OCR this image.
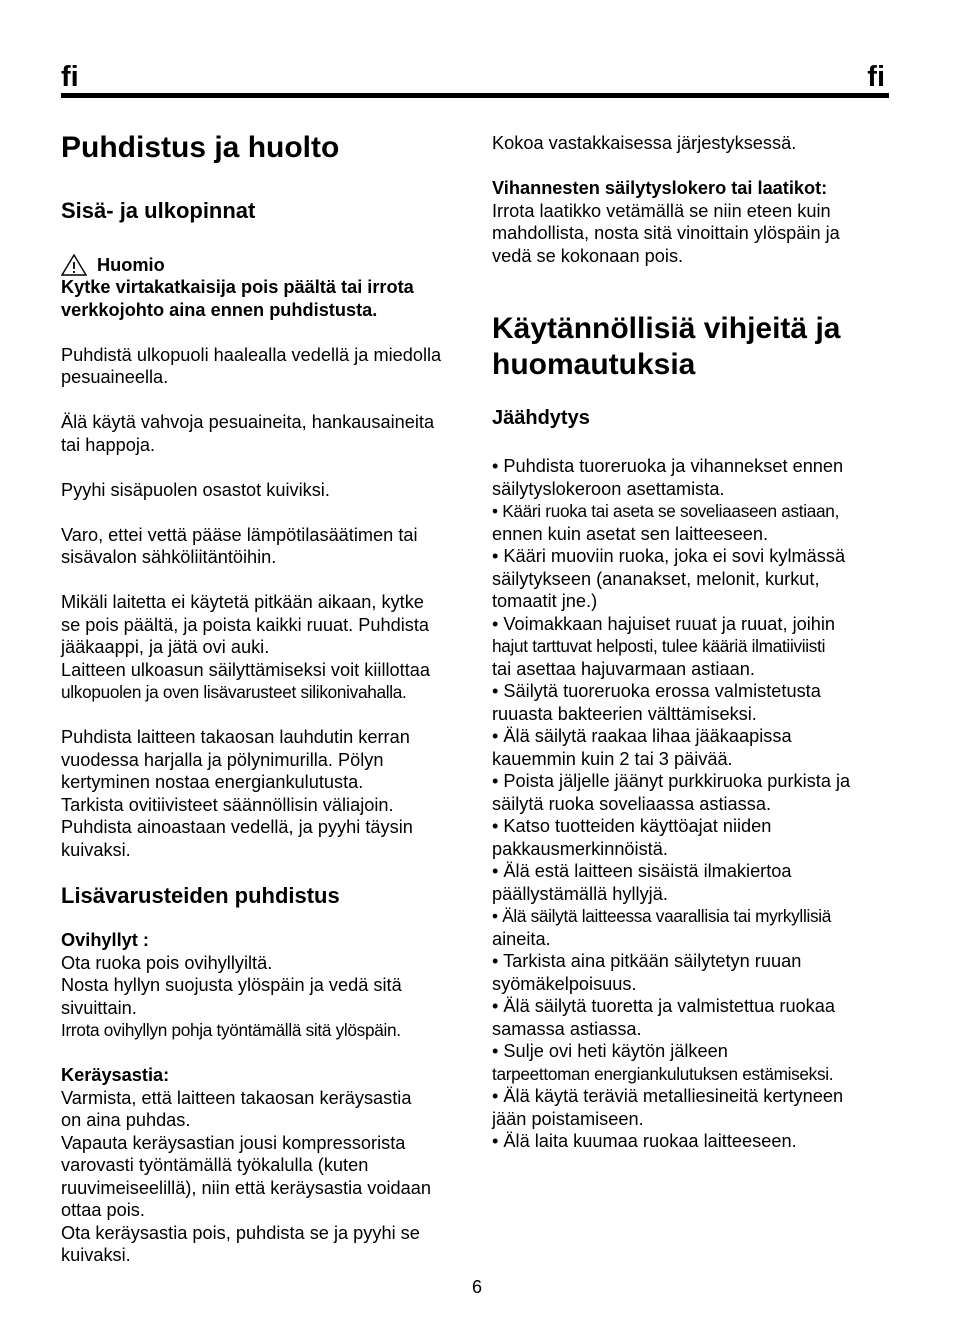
fi	fi
Puhdistus ja huolto
Sisä- ja ulkopinnat
Huomio
Kytke virtakatkaisija pois päältä tai irrota
verkkojohto aina ennen puhdistusta.
Puhdistä ulkopuoli haalealla vedellä ja miedolla
pesuaineella.
Älä käytä vahvoja pesuaineita, hankausaineita
tai happoja.
Pyyhi sisäpuolen osastot kuiviksi.
Varo, ettei vettä pääse lämpötilasäätimen tai
sisävalon sähköliitäntöihin.
Mikäli laitetta ei käytetä pitkään aikaan, kytke
se pois päältä, ja poista kaikki ruuat. Puhdista
jääkaappi, ja jätä ovi auki.
Laitteen ulkoasun säilyttämiseksi voit kiillottaa
ulkopuolen ja oven lisävarusteet silikonivahalla.
Puhdista laitteen takaosan lauhdutin kerran
vuodessa harjalla ja pölynimurilla. Pölyn
kertyminen nostaa energiankulutusta.
Tarkista ovitiivisteet säännöllisin väliajoin.
Puhdista ainoastaan vedellä, ja pyyhi täysin
kuivaksi.
Lisävarusteiden puhdistus
Ovihyllyt :
Ota ruoka pois ovihyllyiltä.
Nosta hyllyn suojusta ylöspäin ja vedä sitä
sivuittain.
Irrota ovihyllyn pohja työntämällä sitä ylöspäin.
Keräysastia:
Varmista, että laitteen takaosan keräysastia
on aina puhdas.
Vapauta keräysastian jousi kompressorista
varovasti työntämällä työkalulla (kuten
ruuvimeiseelillä), niin että keräysastia voidaan
ottaa pois.
Ota keräysastia pois, puhdista se ja pyyhi se
kuivaksi.
Kokoa vastakkaisessa järjestyksessä.
Vihannesten säilytyslokero tai laatikot:
Irrota laatikko vetämällä se niin eteen kuin
mahdollista, nosta sitä vinoittain ylöspäin ja
vedä se kokonaan pois.
Käytännöllisiä vihjeitä ja
huomautuksia
Jäähdytys
• Puhdista tuoreruoka ja vihannekset ennen
säilytyslokeroon asettamista.
• Kääri ruoka tai aseta se soveliaaseen astiaan,
ennen kuin asetat sen laitteeseen.
• Kääri muoviin ruoka, joka ei sovi kylmässä
säilytykseen (ananakset, melonit, kurkut,
tomaatit jne.)
• Voimakkaan hajuiset ruuat ja ruuat, joihin
hajut tarttuvat helposti, tulee kääriä ilmatiiviisti
tai asettaa hajuvarmaan astiaan.
• Säilytä tuoreruoka erossa valmistetusta
ruuasta bakteerien välttämiseksi.
• Älä säilytä raakaa lihaa jääkaapissa
kauemmin kuin 2 tai 3 päivää.
• Poista jäljelle jäänyt purkkiruoka purkista ja
säilytä ruoka soveliaassa astiassa.
• Katso tuotteiden käyttöajat niiden
pakkausmerkinnöistä.
• Älä estä laitteen sisäistä ilmakiertoa
päällystämällä hyllyjä.
• Älä säilytä laitteessa vaarallisia tai myrkyllisiä
aineita.
• Tarkista aina pitkään säilytetyn ruuan
syömäkelpoisuus.
• Älä säilytä tuoretta ja valmistettua ruokaa
samassa astiassa.
• Sulje ovi heti käytön jälkeen
tarpeettoman energiankulutuksen estämiseksi.
• Älä käytä teräviä metalliesineitä kertyneen
jään poistamiseen.
• Älä laita kuumaa ruokaa laitteeseen.
6
